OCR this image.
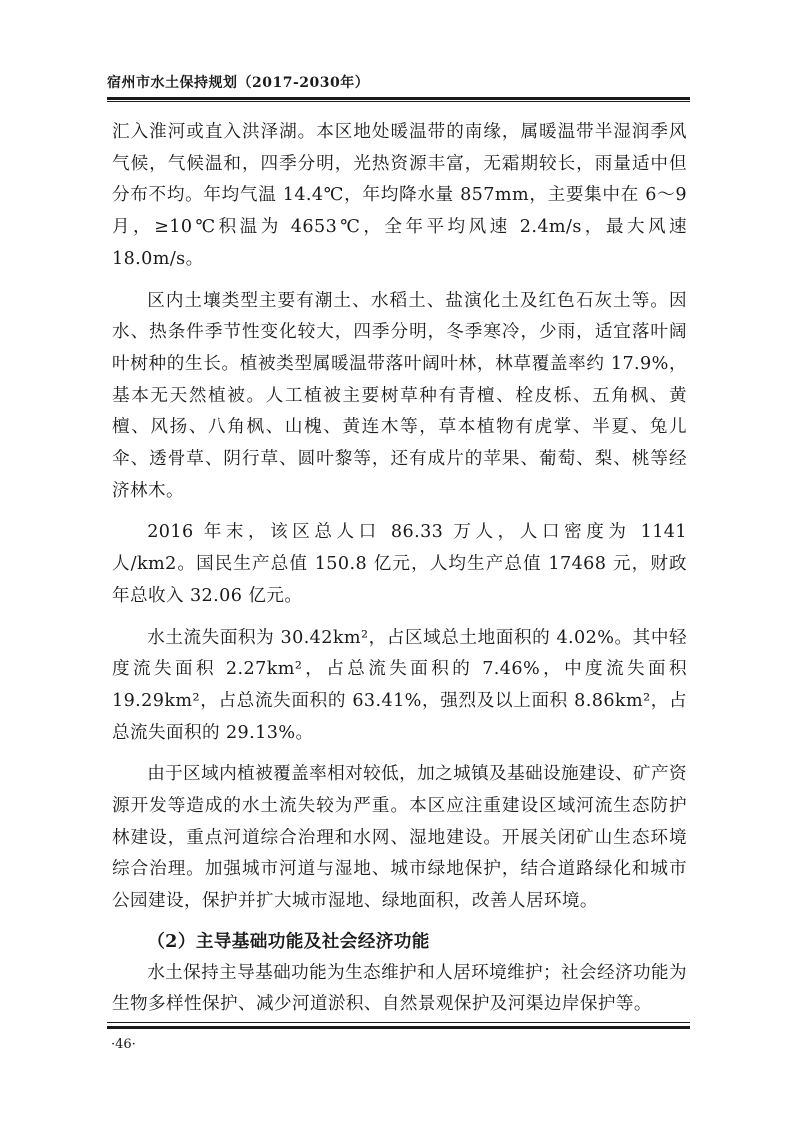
宿州市水土保持规划（2017-2030年）

汇入淮河或直入洪泽湖。本区地处暖温带的南缘，属暖温带半湿润季风气候，气候温和，四季分明，光热资源丰富，无霜期较长，雨量适中但分布不均。年均气温 14.4℃，年均降水量 857mm，主要集中在 6～9 月，≥10℃积温为 4653℃，全年平均风速 2.4m/s，最大风速 18.0m/s。

区内土壤类型主要有潮土、水稻土、盐演化土及红色石灰土等。因水、热条件季节性变化较大，四季分明，冬季寒冷，少雨，适宜落叶阔叶树种的生长。植被类型属暖温带落叶阔叶林，林草覆盖率约 17.9%，基本无天然植被。人工植被主要树草种有青檀、栓皮栎、五角枫、黄檀、风扬、八角枫、山槐、黄连木等，草本植物有虎掌、半夏、兔儿伞、透骨草、阴行草、圆叶黎等，还有成片的苹果、葡萄、梨、桃等经济林木。

2016 年末，该区总人口 86.33 万人，人口密度为 1141 人/km2。国民生产总值 150.8 亿元，人均生产总值 17468 元，财政年总收入 32.06 亿元。

水土流失面积为 30.42km²，占区域总土地面积的 4.02%。其中轻度流失面积 2.27km²，占总流失面积的 7.46%，中度流失面积 19.29km²，占总流失面积的 63.41%，强烈及以上面积 8.86km²，占总流失面积的 29.13%。

由于区域内植被覆盖率相对较低，加之城镇及基础设施建设、矿产资源开发等造成的水土流失较为严重。本区应注重建设区域河流生态防护林建设，重点河道综合治理和水网、湿地建设。开展关闭矿山生态环境综合治理。加强城市河道与湿地、城市绿地保护，结合道路绿化和城市公园建设，保护并扩大城市湿地、绿地面积，改善人居环境。

（2）主导基础功能及社会经济功能

水土保持主导基础功能为生态维护和人居环境维护；社会经济功能为生物多样性保护、减少河道淤积、自然景观保护及河渠边岸保护等。

·46·
